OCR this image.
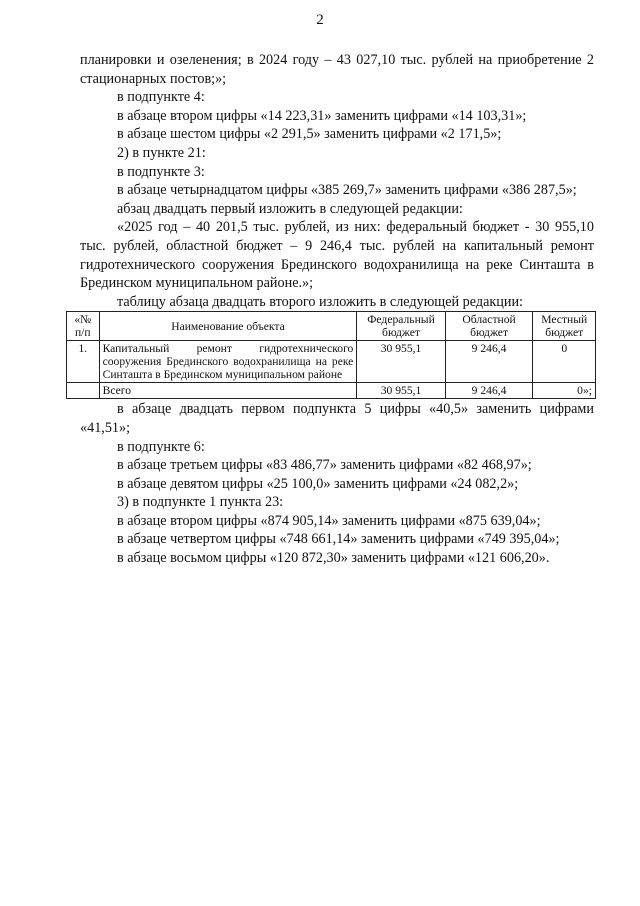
2

планировки и озеленения; в 2024 году – 43 027,10 тыс. рублей на приобретение 2 стационарных постов;»;

в подпункте 4:

в абзаце втором цифры «14 223,31» заменить цифрами «14 103,31»;

в абзаце шестом цифры «2 291,5» заменить цифрами «2 171,5»;

2) в пункте 21:

в подпункте 3:

в абзаце четырнадцатом цифры «385 269,7» заменить цифрами «386 287,5»;

абзац двадцать первый изложить в следующей редакции:

«2025 год – 40 201,5 тыс. рублей, из них: федеральный бюджет - 30 955,10 тыс. рублей, областной бюджет – 9 246,4 тыс. рублей на капитальный ремонт гидротехнического сооружения Брединского водохранилища на реке Синташта в Брединском муниципальном районе.»;

таблицу абзаца двадцать второго изложить в следующей редакции:

«№ п/п	Наименование объекта	Федеральный бюджет	Областной бюджет	Местный бюджет
1.	Капитальный ремонт гидротехнического сооружения Брединского водохранилища на реке Синташта в Брединском муниципальном районе	30 955,1	9 246,4	0
	Всего	30 955,1	9 246,4	0»;

в абзаце двадцать первом подпункта 5 цифры «40,5» заменить цифрами «41,51»;

в подпункте 6:

в абзаце третьем цифры «83 486,77» заменить цифрами «82 468,97»;

в абзаце девятом цифры «25 100,0» заменить цифрами «24 082,2»;

3) в подпункте 1 пункта 23:

в абзаце втором цифры «874 905,14» заменить цифрами «875 639,04»;

в абзаце четвертом цифры «748 661,14» заменить цифрами «749 395,04»;

в абзаце восьмом цифры «120 872,30» заменить цифрами «121 606,20».
